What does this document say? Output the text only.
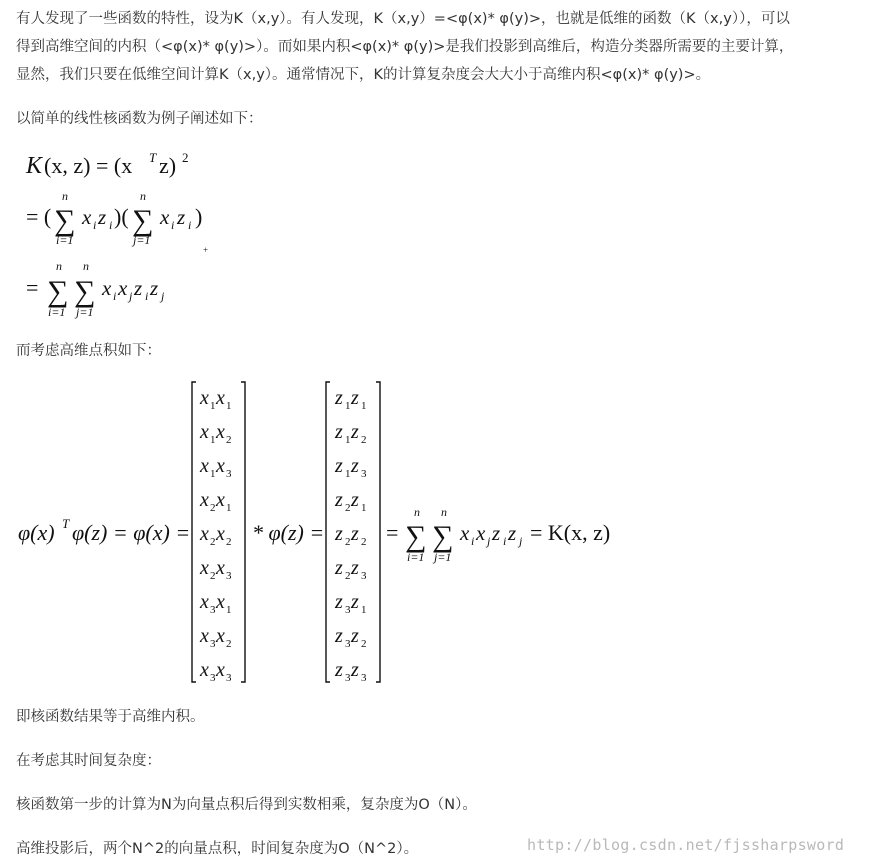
有人发现了一些函数的特性，设为K（x,y）。有人发现，K（x,y）=<φ(x)* φ(y)>，也就是低维的函数（K（x,y）），可以

得到高维空间的内积（<φ(x)* φ(y)>）。而如果内积<φ(x)* φ(y)>是我们投影到高维后，构造分类器所需要的主要计算，

显然，我们只要在低维空间计算K（x,y）。通常情况下，K的计算复杂度会大大小于高维内积<φ(x)* φ(y)>。

以简单的线性核函数为例子阐述如下：

K (x, z) = (x T z) 2
= (
n
∑
i=1
x i z i )(
n
∑
j=1
x i z i )
+
=
n
∑
i=1
n
∑
j=1
x i x j z i z j

而考虑高维点积如下：

φ(x) T φ(z) = φ(x) =
x 1 x 1
x 1 x 2
x 1 x 3
x 2 x 1
x 2 x 2
x 2 x 3
x 3 x 1
x 3 x 2
x 3 x 3
* φ(z) =
z 1 z 1
z 1 z 2
z 1 z 3
z 2 z 1
z 2 z 2
z 2 z 3
z 3 z 1
z 3 z 2
z 3 z 3
=
n
∑
i=1
n
∑
j=1
x i x j z i z j = K(x, z)

即核函数结果等于高维内积。

在考虑其时间复杂度：

核函数第一步的计算为N为向量点积后得到实数相乘，复杂度为O（N）。

高维投影后，两个N^2的向量点积，时间复杂度为O（N^2）。	http://blog.csdn.net/fjssharpsword
